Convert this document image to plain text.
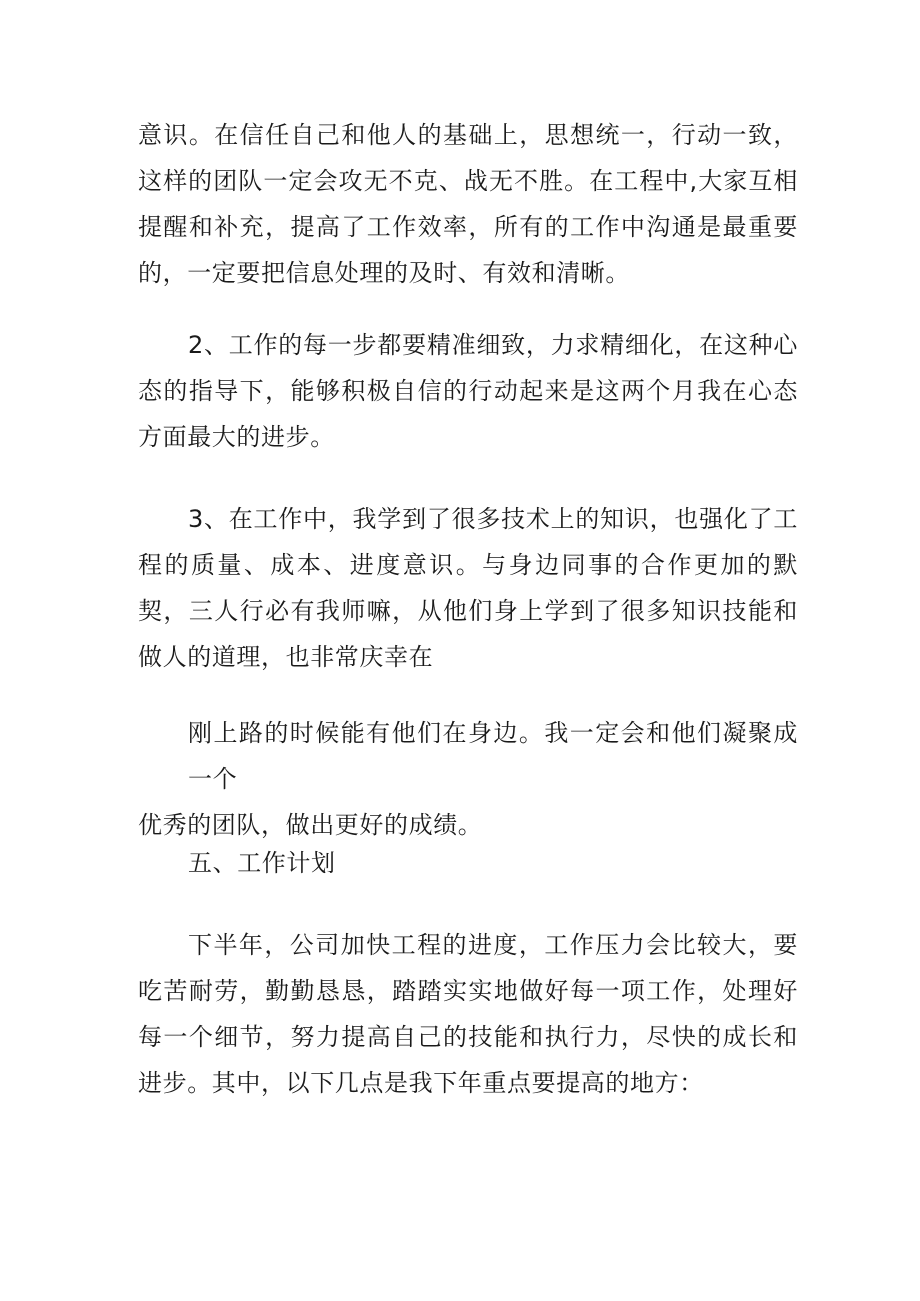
意识。在信任自己和他人的基础上，思想统一，行动一致，这样的团队一定会攻无不克、战无不胜。在工程中,大家互相提醒和补充，提高了工作效率，所有的工作中沟通是最重要的，一定要把信息处理的及时、有效和清晰。

2、工作的每一步都要精准细致，力求精细化，在这种心态的指导下，能够积极自信的行动起来是这两个月我在心态方面最大的进步。

3、在工作中，我学到了很多技术上的知识，也强化了工程的质量、成本、进度意识。与身边同事的合作更加的默契，三人行必有我师嘛，从他们身上学到了很多知识技能和做人的道理，也非常庆幸在

刚上路的时候能有他们在身边。我一定会和他们凝聚成一个
优秀的团队，做出更好的成绩。

五、工作计划

下半年，公司加快工程的进度，工作压力会比较大，要吃苦耐劳，勤勤恳恳，踏踏实实地做好每一项工作，处理好每一个细节，努力提高自己的技能和执行力，尽快的成长和进步。其中，以下几点是我下年重点要提高的地方：
